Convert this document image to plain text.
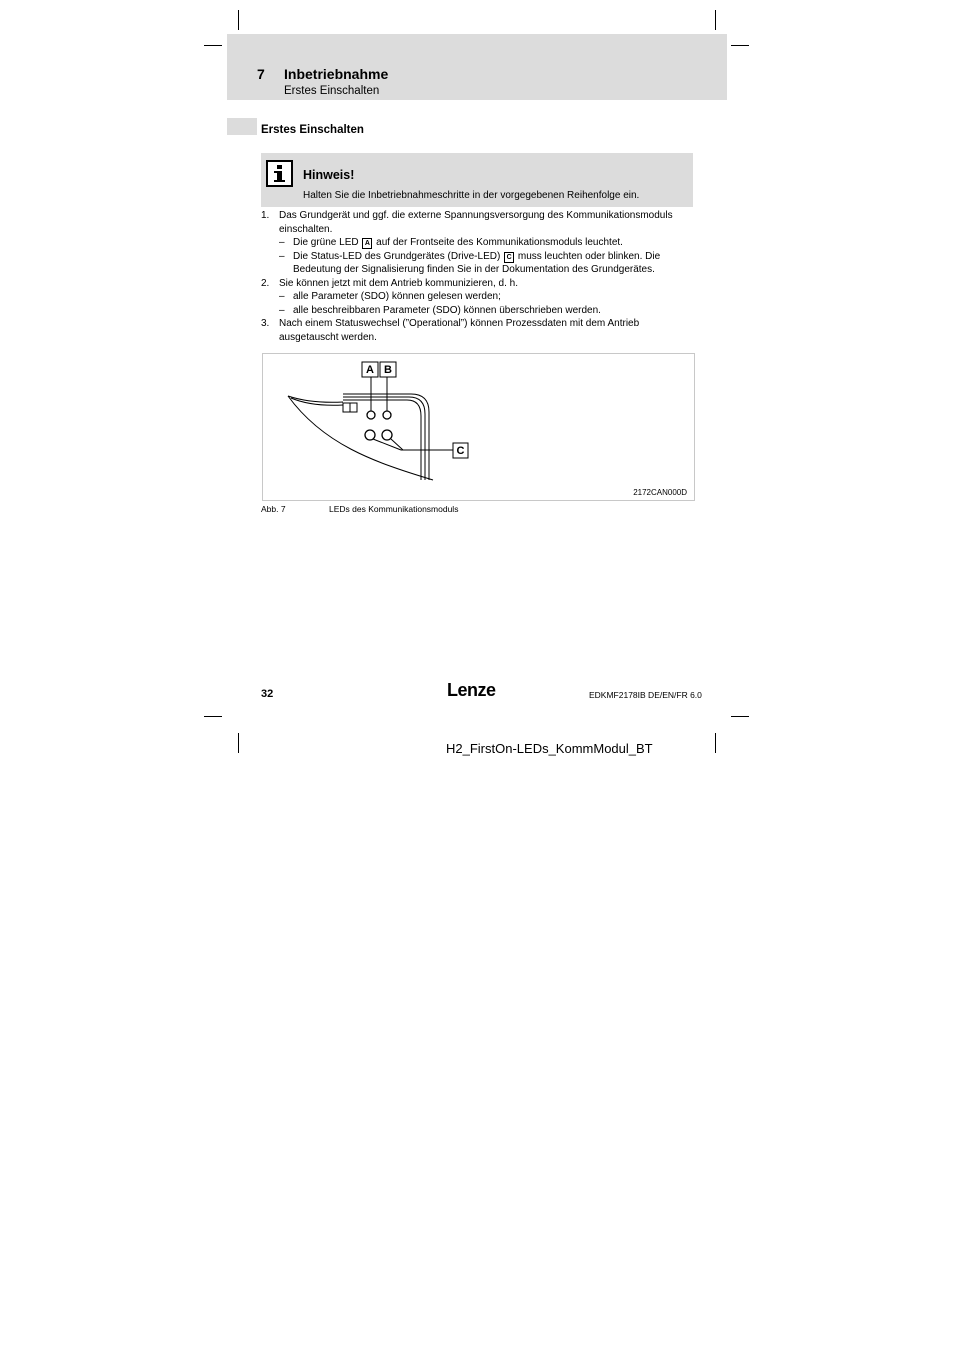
7 Inbetriebnahme
Erstes Einschalten
Erstes Einschalten
Hinweis!
Halten Sie die Inbetriebnahmeschritte in der vorgegebenen Reihenfolge ein.
1. Das Grundgerät und ggf. die externe Spannungsversorgung des Kommunikationsmoduls einschalten.
– Die grüne LED A auf der Frontseite des Kommunikationsmoduls leuchtet.
– Die Status-LED des Grundgerätes (Drive-LED) C muss leuchten oder blinken. Die Bedeutung der Signalisierung finden Sie in der Dokumentation des Grundgerätes.
2. Sie können jetzt mit dem Antrieb kommunizieren, d. h.
– alle Parameter (SDO) können gelesen werden;
– alle beschreibbaren Parameter (SDO) können überschrieben werden.
3. Nach einem Statuswechsel (”Operational”) können Prozessdaten mit dem Antrieb ausgetauscht werden.
A B
C
2172CAN000D
Abb. 7	LEDs des Kommunikationsmoduls
32	Lenze	EDKMF2178IB DE/EN/FR 6.0
H2_FirstOn-LEDs_KommModul_BT
